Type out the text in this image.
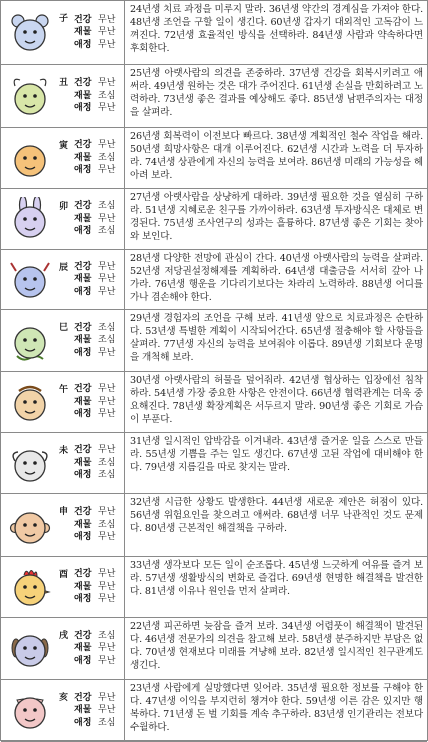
子 건강 무난
재물 무난
애정 무난
24년생 치료 과정을 미루지 말라. 36년생 약간의 경계심을 가져야 한다. 48년생 조언을 구할 일이 생긴다. 60년생 갑자기 대외적인 고독감이 느껴진다. 72년생 효율적인 방식을 선택하라. 84년생 사람과 약속하다면 후회한다.
丑 건강 무난
재물 조심
애정 무난
25년생 아랫사람의 의견을 존중하라. 37년생 건강을 회복시키려고 애써라. 49년생 원하는 것은 대가 주어진다. 61년생 손실을 만회하려고 노력하라. 73년생 좋은 결과를 예상해도 좋다. 85년생 남편주의자는 대정을 살펴라.
寅 건강 무난
재물 조심
애정 무난
26년생 회복력이 이전보다 빠르다. 38년생 계획적인 철수 작업을 해라. 50년생 희망사항은 대개 이루어진다. 62년생 시간과 노력을 더 투자하라. 74년생 상관에게 자신의 능력을 보여라. 86년생 미래의 가능성을 헤아려 보라.
卯 건강 조심
재물 무난
애정 조심
27년생 아랫사람을 상냥하게 대하라. 39년생 필요한 것을 열심히 구하라. 51년생 지혜로운 친구를 가까이하라. 63년생 투자방식은 대체로 변경된다. 75년생 조사연구의 성과는 흘륭하다. 87년생 좋은 기회는 찾아와 보인다.
辰 건강 무난
재물 무난
애정 무난
28년생 다양한 전망에 관심이 간다. 40년생 아랫사람의 능력을 살펴라. 52년생 저당권설정해제를 계획하라. 64년생 대출금을 서서히 갚아 나가라. 76년생 행운을 기다리기보다는 차라리 노력하라. 88년생 어디를 가나 겸손해야 한다.
巳 건강 조심
재물 조심
애정 무난
29년생 경험자의 조언을 구해 보라. 41년생 앞으로 치료과정은 순탄하다. 53년생 특별한 계획이 시작되어간다. 65년생 절충해야 할 사항들을 살펴라. 77년생 자신의 능력을 보여줘야 이롭다. 89년생 기회보다 운명을 개척해 보라.
午 건강 무난
재물 무난
애정 무난
30년생 아랫사람의 허물을 덮어줘라. 42년생 협상하는 입장에선 침착하라. 54년생 가장 중요한 사항은 안전이다. 66년생 협력관계는 더욱 중요해진다. 78년생 확장계획은 서두르지 말라. 90년생 좋은 기회로 가슴이 부푼다.
未 건강 무난
재물 조심
애정 조심
31년생 일시적인 압박감을 이겨내라. 43년생 즐거운 일을 스스로 만들라. 55년생 기쁨을 주는 일도 생긴다. 67년생 고된 작업에 대비해야 한다. 79년생 지름길을 따로 찾지는 말라.
申 건강 무난
재물 조심
애정 무난
32년생 시급한 상황도 발생한다. 44년생 새로운 제안은 허점이 있다. 56년생 위험요인을 찾으려고 애써라. 68년생 너무 낙관적인 것도 문제다. 80년생 근본적인 해결책을 구하라.
酉 건강 무난
재물 무난
애정 무난
33년생 생각보다 모든 일이 순조롭다. 45년생 느긋하게 여유를 즐겨 보라. 57년생 생활방식의 변화로 즐겁다. 69년생 현명한 해결책을 발견한다. 81년생 이유나 원인을 먼저 살펴라.
戌 건강 조심
재물 무난
애정 무난
22년생 피곤하면 늦잠을 즐겨 보라. 34년생 어렴풋이 해결책이 발견된다. 46년생 전문가의 의견을 참고해 보라. 58년생 분주하지만 부담은 없다. 70년생 현재보다 미래를 겨냥해 보라. 82년생 일시적인 친구관계도 생긴다.
亥 건강 무난
재물 무난
애정 조심
23년생 사람에게 실망했다면 잊어라. 35년생 필요한 정보를 구해야 한다. 47년생 이익을 부지런히 챙겨야 한다. 59년생 이른 감은 있지만 행복하다. 71년생 돈 벌 기회를 계속 추구하라. 83년생 인기관리는 전보다 수월하다.
